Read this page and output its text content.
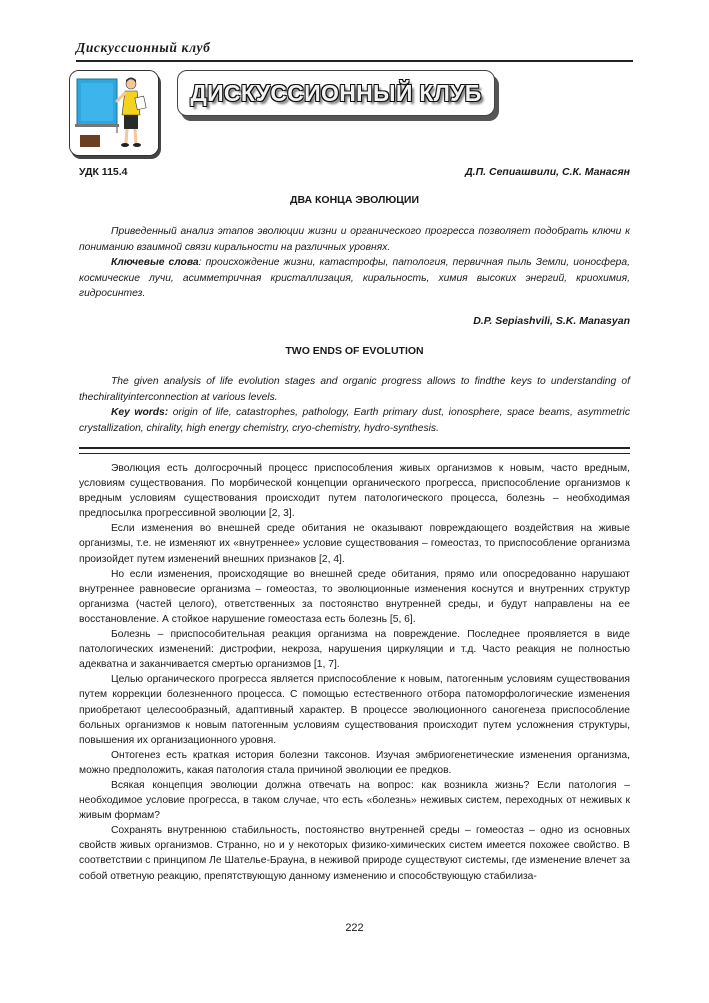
Дискуссионный клуб
ДИСКУССИОННЫЙ КЛУБ
УДК 115.4	Д.П. Сепиашвили, С.К. Манасян
ДВА КОНЦА ЭВОЛЮЦИИ

Приведенный анализ этапов эволюции жизни и органического прогресса позволяет подобрать ключи к пониманию взаимной связи киральности на различных уровнях.

Ключевые слова: происхождение жизни, катастрофы, патология, первичная пыль Земли, ионосфера, космические лучи, асимметричная кристаллизация, киральность, химия высоких энергий, криохимия, гидросинтез.

D.P. Sepiashvili, S.K. Manasyan
TWO ENDS OF EVOLUTION

The given analysis of life evolution stages and organic progress allows to findthe keys to understanding of thechiralityinterconnection at various levels.

Key words: origin of life, catastrophes, pathology, Earth primary dust, ionosphere, space beams, asymmetric crystallization, chirality, high energy chemistry, cryo-chemistry, hydro-synthesis.

Эволюция есть долгосрочный процесс приспособления живых организмов к новым, часто вредным, условиям существования. По морбической концепции органического прогресса, приспособление организмов к вредным условиям существования происходит путем патологического процесса, болезнь – необходимая предпосылка прогрессивной эволюции [2, 3].

Если изменения во внешней среде обитания не оказывают повреждающего воздействия на живые организмы, т.е. не изменяют их «внутреннее» условие существования – гомеостаз, то приспособление организма произойдет путем изменений внешних признаков [2, 4].

Но если изменения, происходящие во внешней среде обитания, прямо или опосредованно нарушают внутреннее равновесие организма – гомеостаз, то эволюционные изменения коснутся и внутренних структур организма (частей целого), ответственных за постоянство внутренней среды, и будут направлены на ее восстановление. А стойкое нарушение гомеостаза есть болезнь [5, 6].

Болезнь – приспособительная реакция организма на повреждение. Последнее проявляется в виде патологических изменений: дистрофии, некроза, нарушения циркуляции и т.д. Часто реакция не полностью адекватна и заканчивается смертью организмов [1, 7].

Целью органического прогресса является приспособление к новым, патогенным условиям существования путем коррекции болезненного процесса. С помощью естественного отбора патоморфологические изменения приобретают целесообразный, адаптивный характер. В процессе эволюционного саногенеза приспособление больных организмов к новым патогенным условиям существования происходит путем усложнения структуры, повышения их организационного уровня.

Онтогенез есть краткая история болезни таксонов. Изучая эмбриогенетические изменения организма, можно предположить, какая патология стала причиной эволюции ее предков.

Всякая концепция эволюции должна отвечать на вопрос: как возникла жизнь? Если патология – необходимое условие прогресса, в таком случае, что есть «болезнь» неживых систем, переходных от неживых к живым формам?

Сохранять внутреннюю стабильность, постоянство внутренней среды – гомеостаз – одно из основных свойств живых организмов. Странно, но и у некоторых физико-химических систем имеется похожее свойство. В соответствии с принципом Ле Шателье-Брауна, в неживой природе существуют системы, где изменение влечет за собой ответную реакцию, препятствующую данному изменению и способствующую стабилиза-

222
